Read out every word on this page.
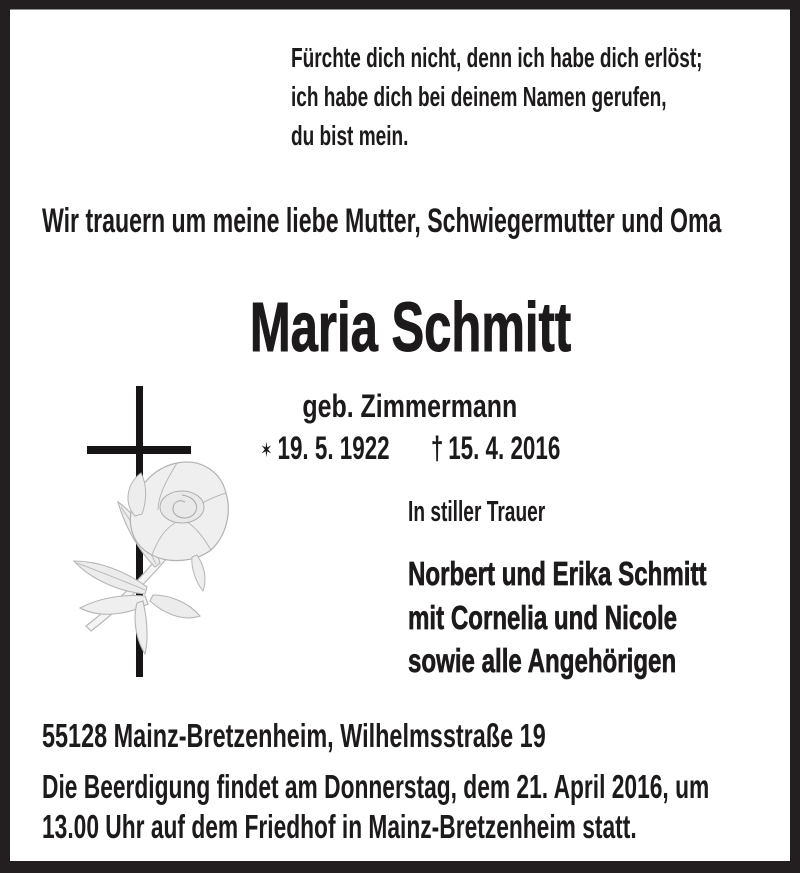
Fürchte dich nicht, denn ich habe dich erlöst;
ich habe dich bei deinem Namen gerufen,
du bist mein.
Wir trauern um meine liebe Mutter, Schwiegermutter und Oma
Maria Schmitt
geb. Zimmermann
✶ 19. 5. 1922 † 15. 4. 2016
In stiller Trauer
Norbert und Erika Schmitt
mit Cornelia und Nicole
sowie alle Angehörigen
55128 Mainz-Bretzenheim, Wilhelmsstraße 19
Die Beerdigung findet am Donnerstag, dem 21. April 2016, um
13.00 Uhr auf dem Friedhof in Mainz-Bretzenheim statt.
